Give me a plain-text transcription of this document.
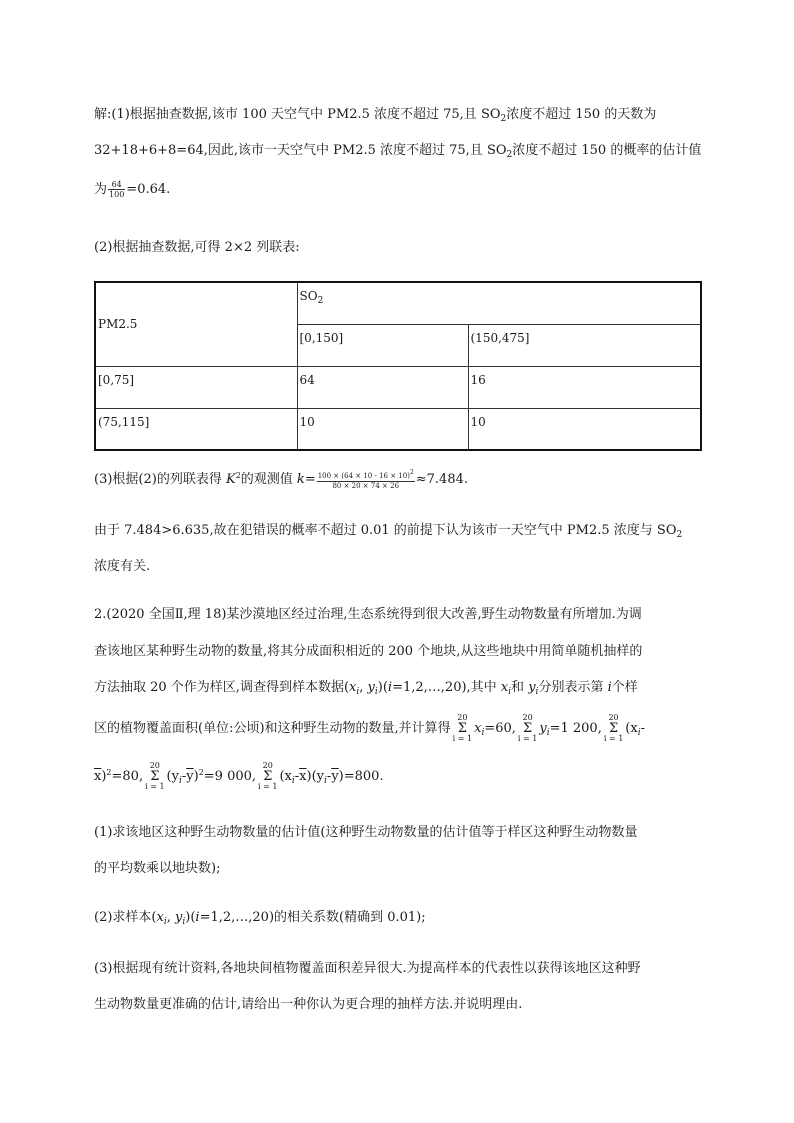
解:(1)根据抽查数据,该市 100 天空气中 PM2.5 浓度不超过 75,且 $SO_2$浓度不超过 150 的天数为
32+18+6+8=64,因此,该市一天空气中 PM2.5 浓度不超过 75,且 $SO_2$浓度不超过 150 的概率的估计值
为 $\frac{64}{100} =0.64$.
(2)根据抽查数据,可得 2×2 列联表:
PM2.5	$SO_2$
	[0,150]	(150,475]
[0,75]	64	16
(75,115]	10	10
(3)根据(2)的列联表得 $K^2$的观测值 $k= \frac{100 \times (64 \times 10 - 16 \times 10)2}{80 \times 20 \times 74 \times 26} \approx 7.484$.
由于 7.484>6.635,故在犯错误的概率不超过 0.01 的前提下认为该市一天空气中 PM2.5 浓度与 $SO_2$
浓度有关.
2.(2020 全国Ⅱ,理 18)某沙漠地区经过治理,生态系统得到很大改善,野生动物数量有所增加.为调
查该地区某种野生动物的数量,将其分成面积相近的 200 个地块,从这些地块中用简单随机抽样的
方法抽取 20 个作为样区,调查得到样本数据($x_i$, $y_i)(i=1,2,\dots,20)$,其中 $x_i$和 $y_i$分别表示第 i个样
区的植物覆盖面积(单位:公顷)和这种野生动物的数量,并计算得20
Σ
$i = 1x_i=60,20$
Σ
$i = 1y_i=1$ 200,20
Σ
$i = 1(x_i-$
$\overline{x})^2=80,20$
Σ
$i = 1(y_i-\overline{y})^2=9$ 000,20
Σ
$i = 1(x_i-\overline{x})(y_i-\overline{y})=800$.
(1)求该地区这种野生动物数量的估计值(这种野生动物数量的估计值等于样区这种野生动物数量
的平均数乘以地块数);
(2)求样本($x_i$, $y_i)(i=1,2,\dots,20)$的相关系数(精确到 0.01);
(3)根据现有统计资料,各地块间植物覆盖面积差异很大.为提高样本的代表性以获得该地区这种野
生动物数量更准确的估计,请给出一种你认为更合理的抽样方法.并说明理由.
